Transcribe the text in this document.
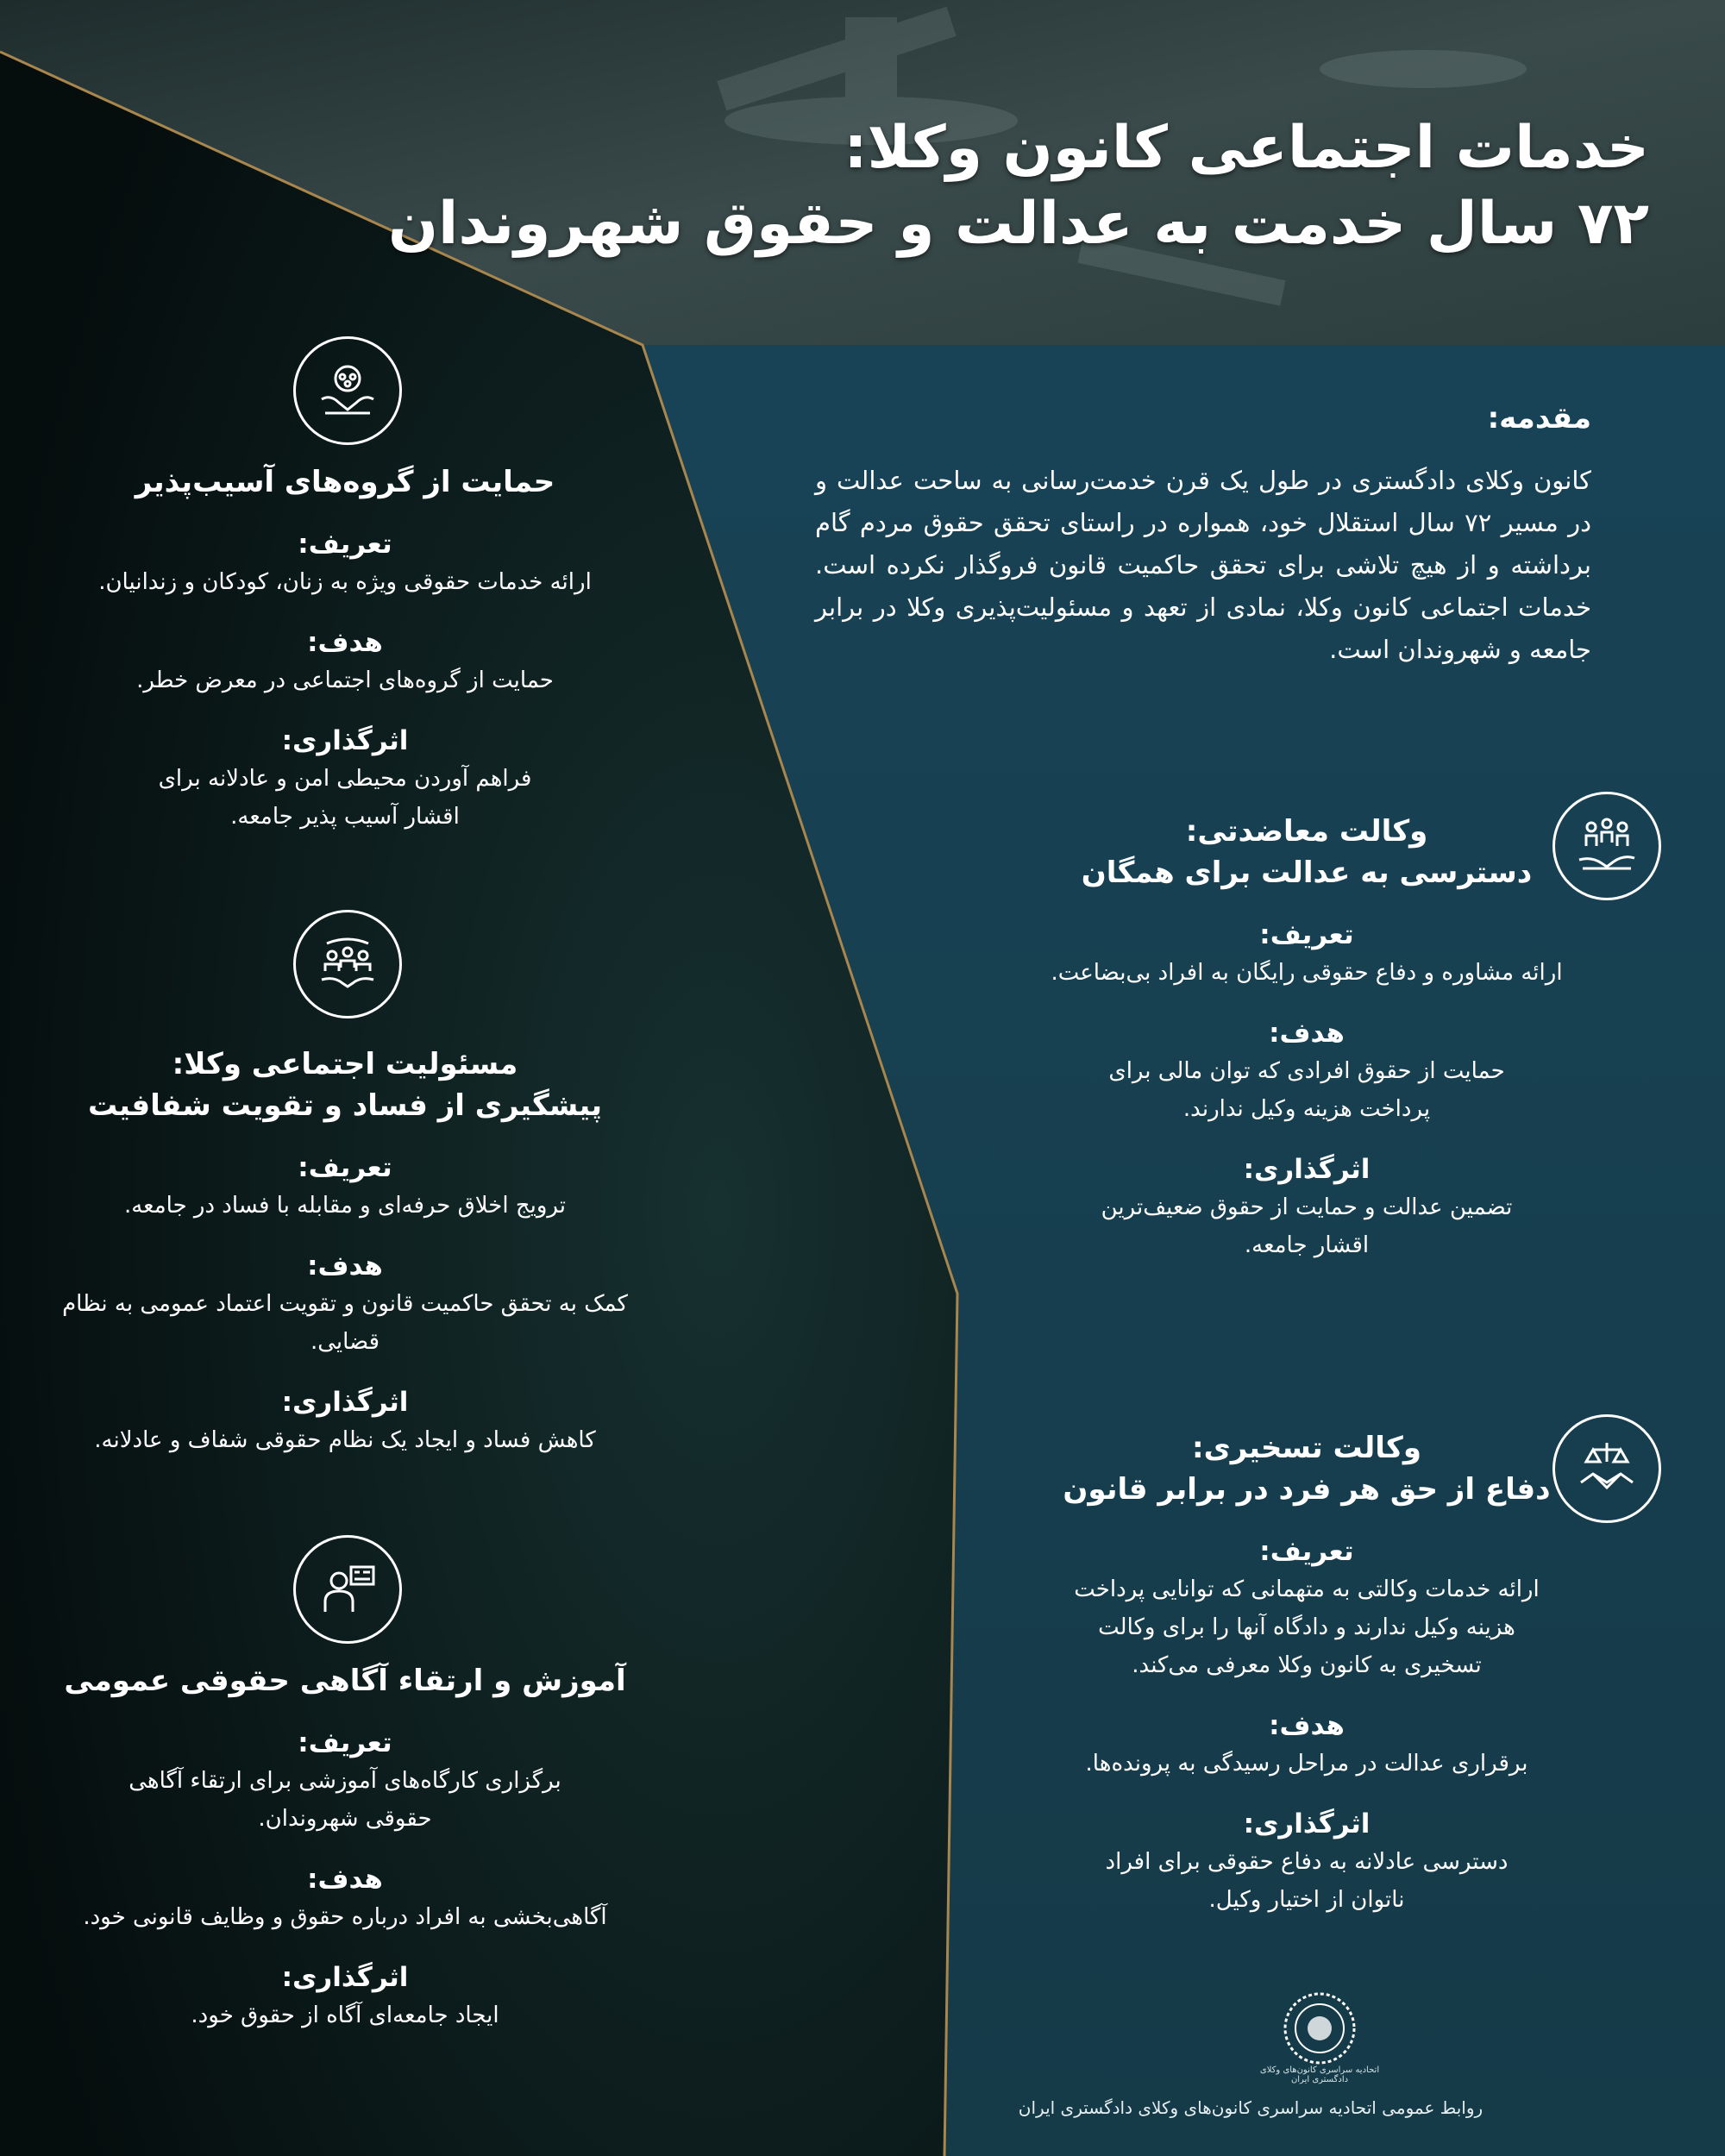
خدمات اجتماعی کانون وکلا:
۷۲ سال خدمت به عدالت و حقوق شهروندان
مقدمه:

کانون وکلای دادگستری در طول یک قرن خدمت‌رسانی به ساحت عدالت و در مسیر ۷۲ سال استقلال خود، همواره در راستای تحقق حقوق مردم گام برداشته و از هیچ تلاشی برای تحقق حاکمیت قانون فروگذار نکرده است. خدمات اجتماعی کانون وکلا، نمادی از تعهد و مسئولیت‌پذیری وکلا در برابر جامعه و شهروندان است.

حمایت از گروه‌های آسیب‌پذیر
تعریف:
ارائه خدمات حقوقی ویژه به زنان، کودکان و زندانیان.
هدف:
حمایت از گروه‌های اجتماعی در معرض خطر.
اثرگذاری:
فراهم آوردن محیطی امن و عادلانه برای اقشار آسیب پذیر جامعه.
مسئولیت اجتماعی وکلا:
پیشگیری از فساد و تقویت شفافیت
تعریف:
ترویج اخلاق حرفه‌ای و مقابله با فساد در جامعه.
هدف:
کمک به تحقق حاکمیت قانون و تقویت اعتماد عمومی به نظام قضایی.
اثرگذاری:
کاهش فساد و ایجاد یک نظام حقوقی شفاف و عادلانه.
آموزش و ارتقاء آگاهی حقوقی عمومی
تعریف:
برگزاری کارگاه‌های آموزشی برای ارتقاء آگاهی حقوقی شهروندان.
هدف:
آگاهی‌بخشی به افراد درباره حقوق و وظایف قانونی خود.
اثرگذاری:
ایجاد جامعه‌ای آگاه از حقوق خود.
وکالت معاضدتی:
دسترسی به عدالت برای همگان
تعریف:
ارائه مشاوره و دفاع حقوقی رایگان به افراد بی‌بضاعت.
هدف:
حمایت از حقوق افرادی که توان مالی برای پرداخت هزینه وکیل ندارند.
اثرگذاری:
تضمین عدالت و حمایت از حقوق ضعیف‌ترین اقشار جامعه.
وکالت تسخیری:
دفاع از حق هر فرد در برابر قانون
تعریف:
ارائه خدمات وکالتی به متهمانی که توانایی پرداخت هزینه وکیل ندارند و دادگاه آنها را برای وکالت تسخیری به کانون وکلا معرفی می‌کند.
هدف:
برقراری عدالت در مراحل رسیدگی به پرونده‌ها.
اثرگذاری:
دسترسی عادلانه به دفاع حقوقی برای افراد ناتوان از اختیار وکیل.
اتحادیه سراسری کانون‌های وکلای دادگستری ایران
روابط عمومی اتحادیه سراسری کانون‌های وکلای دادگستری ایران
